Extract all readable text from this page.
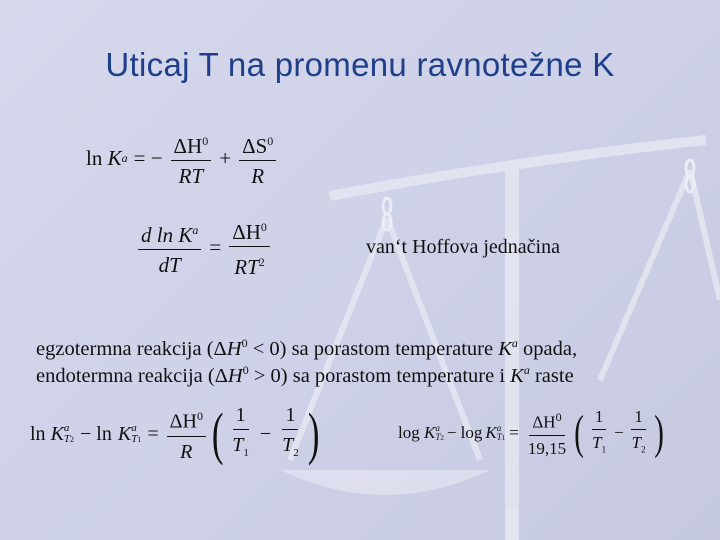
Uticaj T na promenu ravnotežne K
ln
K a = − $\frac{\Delta H^0}{RT} + \frac{\Delta S^0}{R}$
$\frac{d \ln K^a}{dT} = \frac{\Delta H^0}{RT^2}$	van‘t Hoffova jednačina
egzotermna reakcija $(\Delta H^0 < 0)$ sa porastom temperature $K^a$ opada,
endotermna reakcija $(\Delta H^0 > 0)$ sa porastom temperature i $K^a$ raste
ln
K a
T2 − ln K a
$T1 = \frac{\Delta H^0}{R}$ ( $\frac{1}{T_1} - \frac{1}{T_2}$ )	log
K a
T2 − log K a
$T1 = \frac{\Delta H^0}{19,15}$ ( $\frac{1}{T_1} - \frac{1}{T_2}$ )
